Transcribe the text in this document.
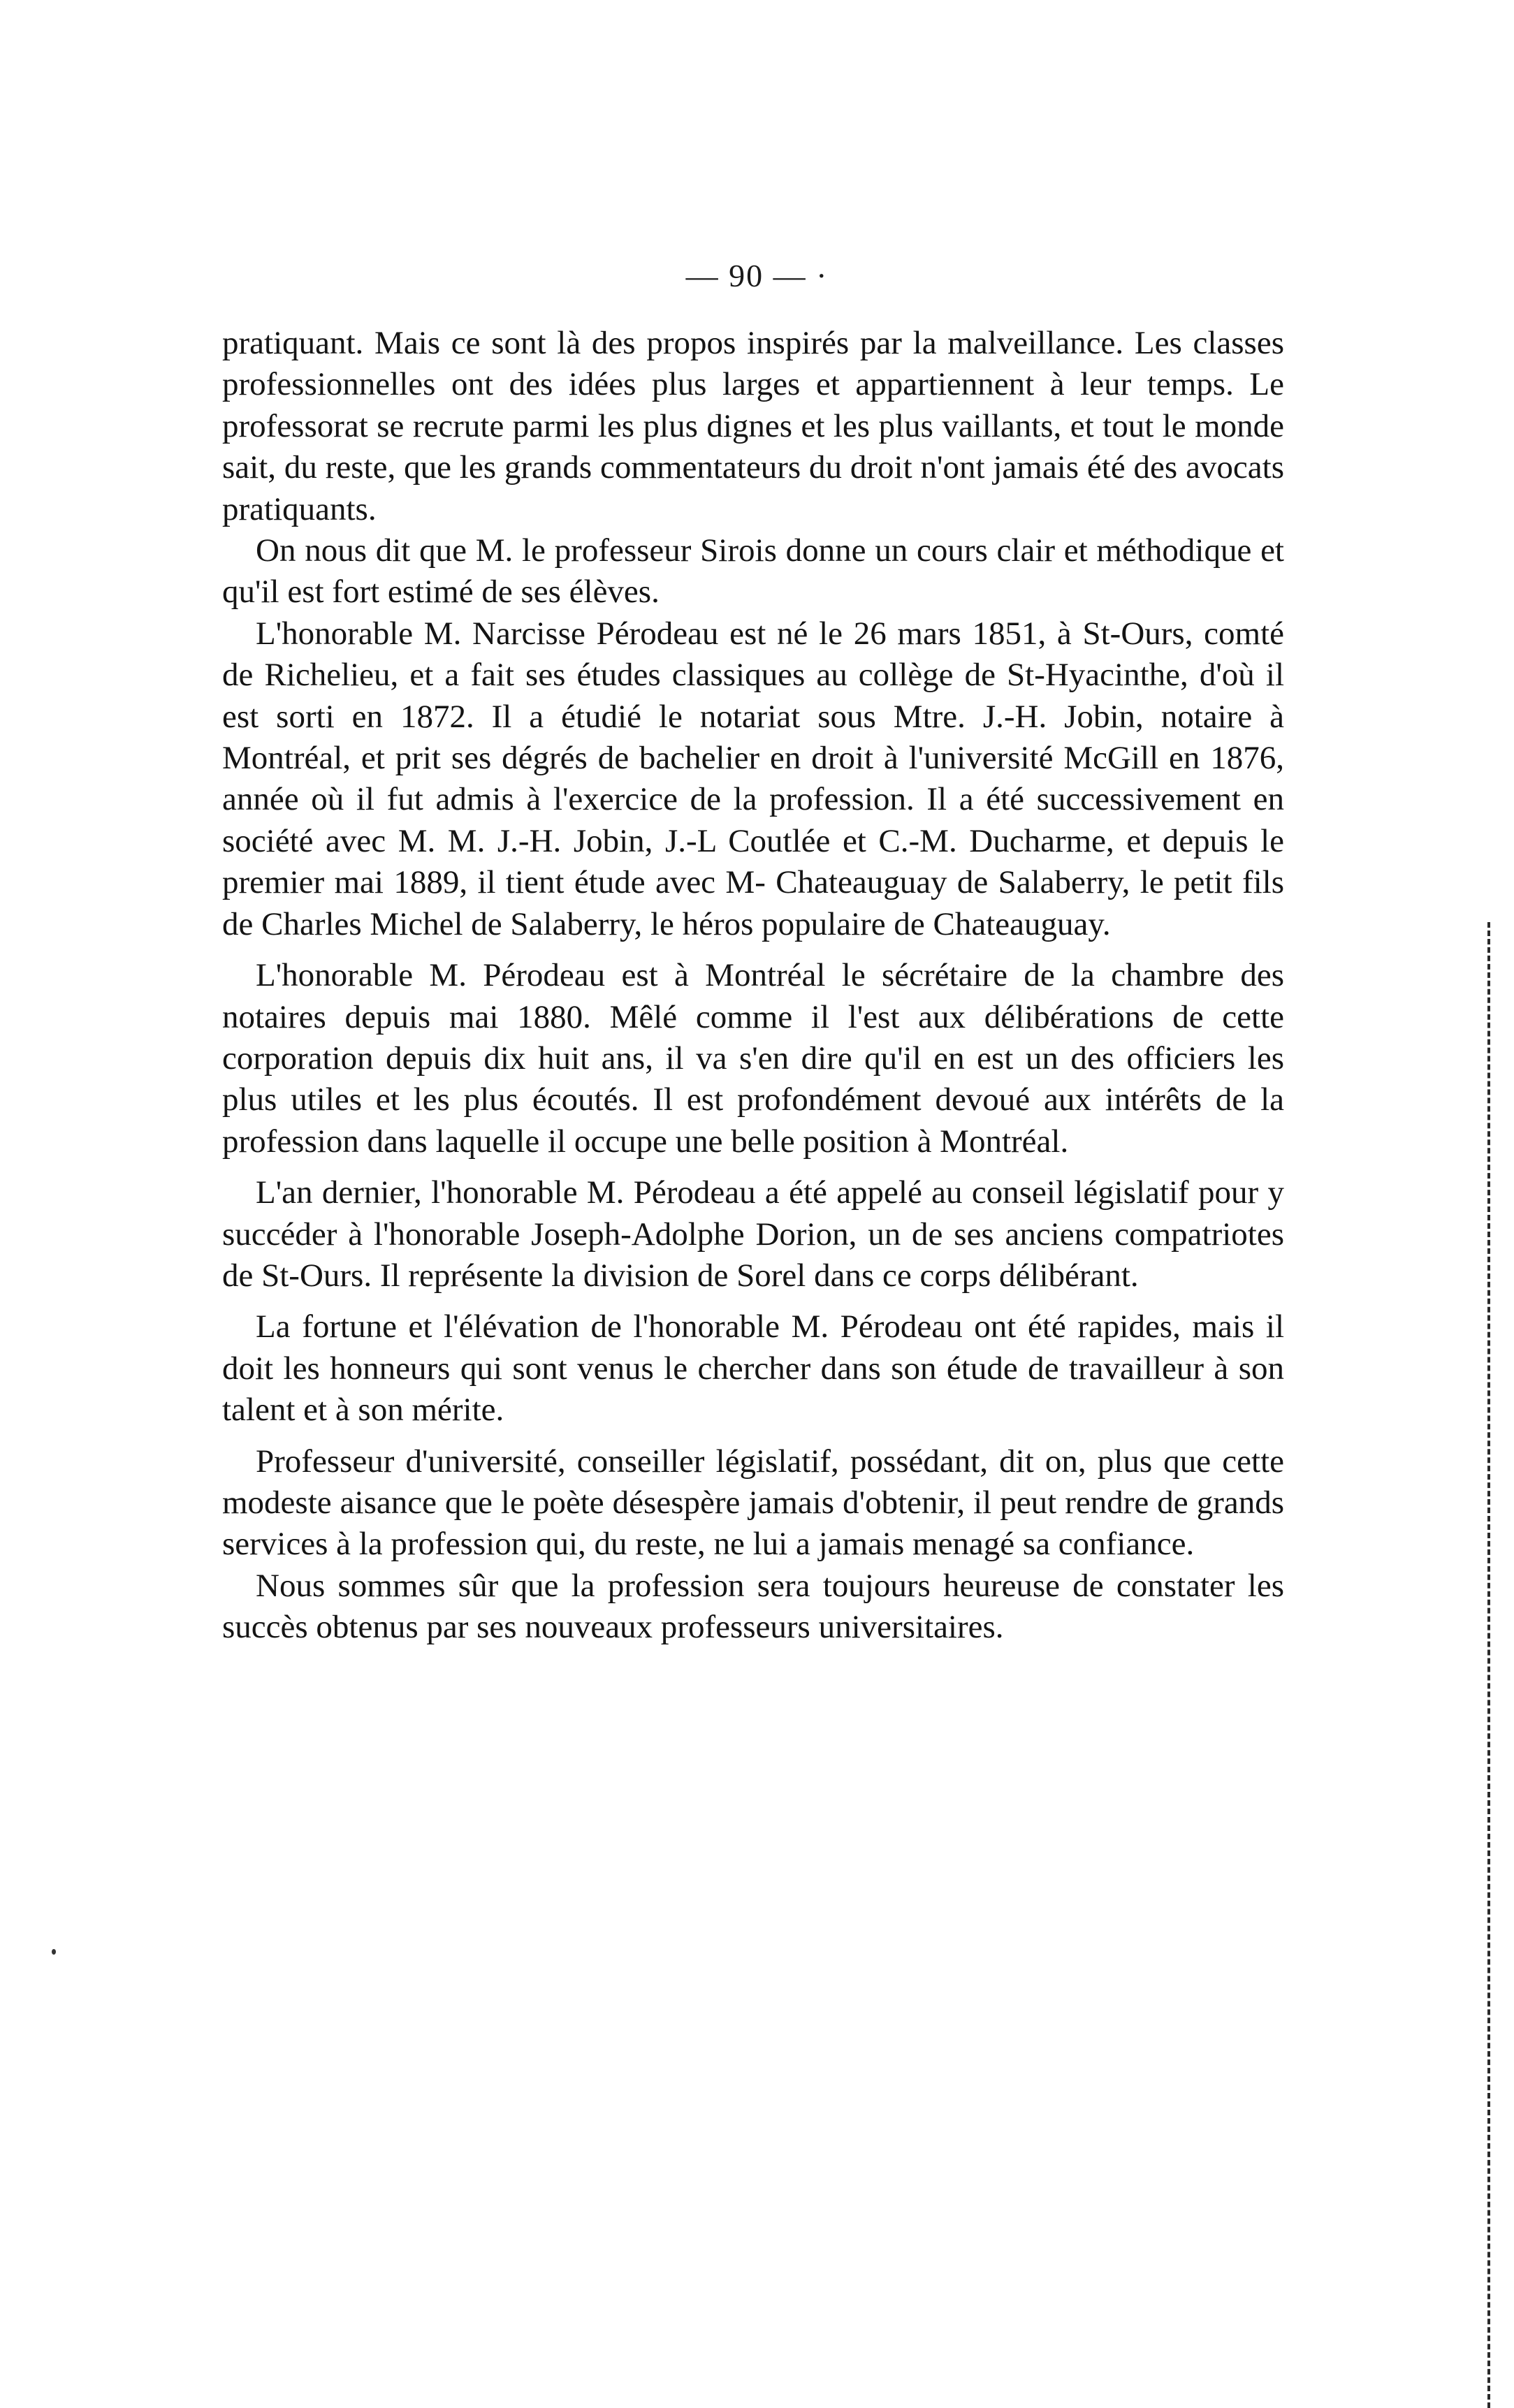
— 90 — ·

pratiquant. Mais ce sont là des propos inspirés par la malveillance. Les classes professionnelles ont des idées plus larges et appartiennent à leur temps. Le professorat se recrute parmi les plus dignes et les plus vaillants, et tout le monde sait, du reste, que les grands commentateurs du droit n'ont jamais été des avocats pratiquants.

On nous dit que M. le professeur Sirois donne un cours clair et méthodique et qu'il est fort estimé de ses élèves.

L'honorable M. Narcisse Pérodeau est né le 26 mars 1851, à St-Ours, comté de Richelieu, et a fait ses études classiques au collège de St-Hyacinthe, d'où il est sorti en 1872. Il a étudié le notariat sous Mtre. J.-H. Jobin, notaire à Montréal, et prit ses dégrés de bachelier en droit à l'université McGill en 1876, année où il fut admis à l'exercice de la profession. Il a été successivement en société avec M. M. J.-H. Jobin, J.-L Coutlée et C.-M. Ducharme, et depuis le premier mai 1889, il tient étude avec M- Chateauguay de Salaberry, le petit fils de Charles Michel de Salaberry, le héros populaire de Chateauguay.

L'honorable M. Pérodeau est à Montréal le sécrétaire de la chambre des notaires depuis mai 1880. Mêlé comme il l'est aux délibérations de cette corporation depuis dix huit ans, il va s'en dire qu'il en est un des officiers les plus utiles et les plus écoutés. Il est profondément devoué aux intérêts de la profession dans laquelle il occupe une belle position à Montréal.

L'an dernier, l'honorable M. Pérodeau a été appelé au conseil législatif pour y succéder à l'honorable Joseph-Adolphe Dorion, un de ses anciens compatriotes de St-Ours. Il représente la division de Sorel dans ce corps délibérant.

La fortune et l'élévation de l'honorable M. Pérodeau ont été rapides, mais il doit les honneurs qui sont venus le chercher dans son étude de travailleur à son talent et à son mérite.

Professeur d'université, conseiller législatif, possédant, dit on, plus que cette modeste aisance que le poète désespère jamais d'obtenir, il peut rendre de grands services à la profession qui, du reste, ne lui a jamais menagé sa confiance.

Nous sommes sûr que la profession sera toujours heureuse de constater les succès obtenus par ses nouveaux professeurs universitaires.
